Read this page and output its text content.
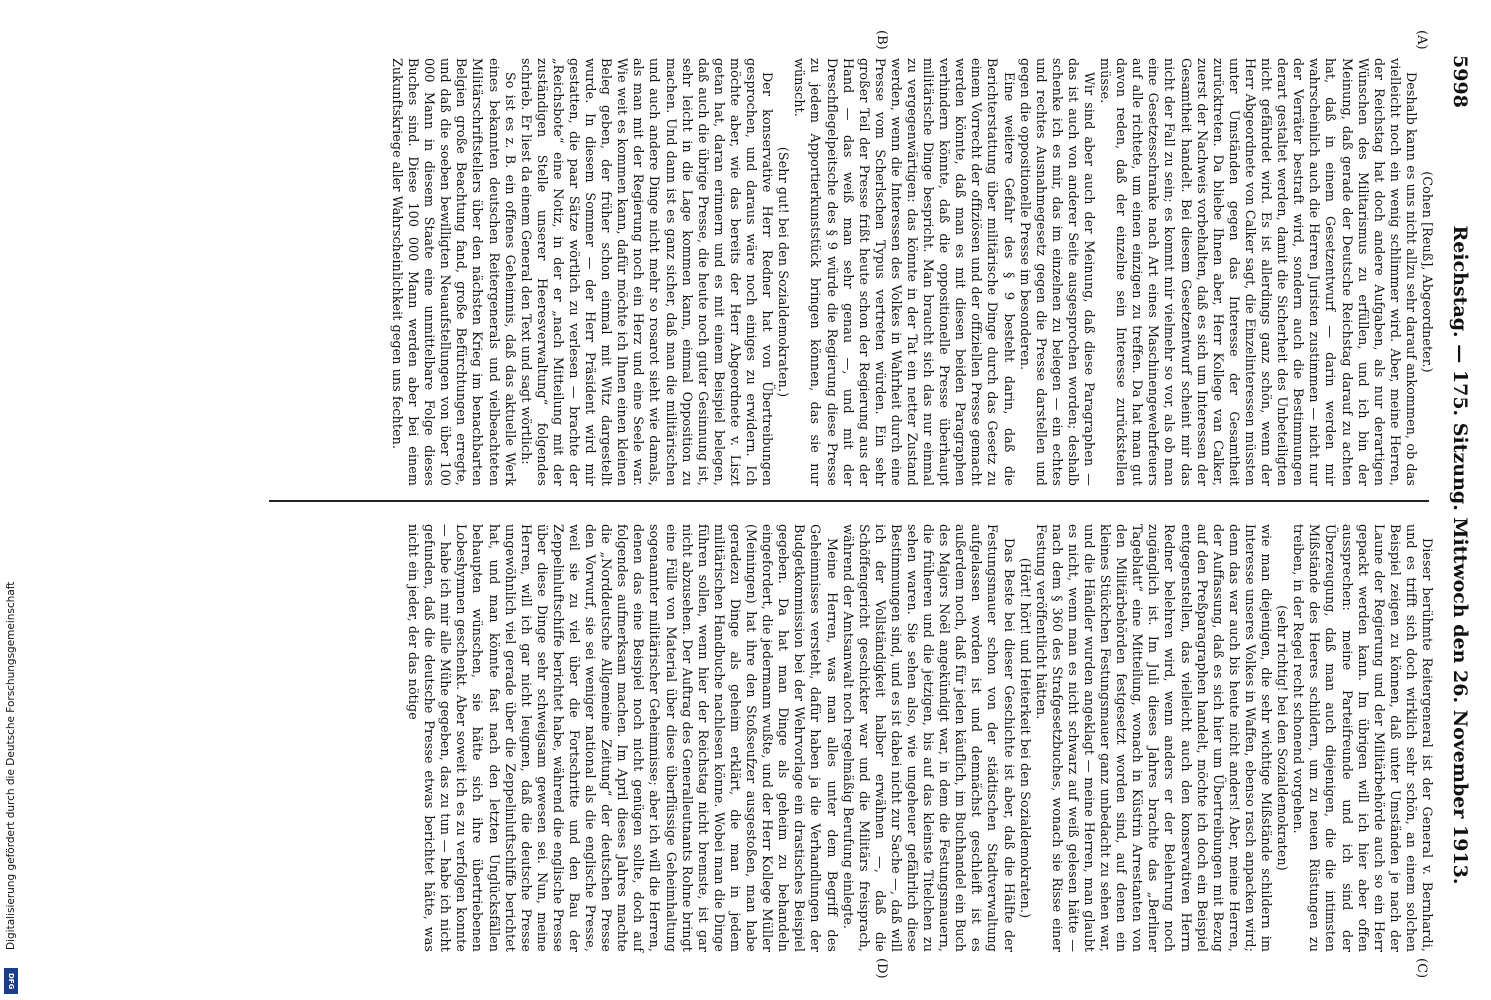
Digitalisierung gefördert durch die Deutsche Forschungsgemeinschaft
DFG
5998
Reichstag. — 175. Sitzung. Mittwoch den 26. November 1913.
(A)
(B)
(C)
(D)

(Cohen [Reuß], Abgeordneter.)

Deshalb kann es uns nicht allzu sehr darauf ankommen, ob das vielleicht noch ein wenig schlimmer wird. Aber, meine Herren, der Reichstag hat doch andere Aufgaben, als nur derartigen Wünschen des Militarismus zu erfüllen, und ich bin der Meinung, daß gerade der Deutsche Reichstag darauf zu achten hat, daß in einem Gesetzentwurf — darin werden mir wahrscheinlich auch die Herren Juristen zustimmen — nicht nur der Verräter bestraft wird, sondern auch die Bestimmungen derart gestaltet werden, damit die Sicherheit des Unbeteiligten nicht gefährdet wird. Es ist allerdings ganz schön, wenn der Herr Abgeordnete von Calker sagt, die Einzelinteressen müssten unter Umständen gegen das Interesse der Gesamtheit zurücktreten. Da bliebe Ihnen aber, Herr Kollege van Calker, zuerst der Nachweis vorbehalten, daß es sich um Interessen der Gesamtheit handelt. Bei diesem Gesetzentwurf scheint mir das nicht der Fall zu sein; es kommt mir vielmehr so vor, als ob man eine Gesetzesschranke nach Art eines Maschinengewehrfeuers auf alle richtete, um einen einzigen zu treffen. Da hat man gut davon reden, daß der einzelne sein Interesse zurückstellen müsse.

Wir sind aber auch der Meinung, daß diese Paragraphen — das ist auch von anderer Seite ausgesprochen worden; deshalb schenke ich es mir, das im einzelnen zu belegen — ein echtes und rechtes Ausnahmegesetz gegen die Presse darstellen und gegen die oppositionelle Presse im besonderen.

Eine weitere Gefahr des § 9 besteht darin, daß die Berichterstattung über militärische Dinge durch das Gesetz zu einem Vorrecht der offiziösen und der offiziellen Presse gemacht werden könnte, daß man es mit diesen beiden Paragraphen verhindern könnte, daß die oppositionelle Presse überhaupt militärische Dinge bespricht. Man braucht sich das nur einmal zu vergegenwärtigen: das könnte in der Tat ein netter Zustand werden, wenn die Interessen des Volkes in Wahrheit durch eine Presse vom Scherlschen Typus vertreten würden. Ein sehr großer Teil der Presse frißt heute schon der Regierung aus der Hand — das weiß man sehr genau —, und mit der Dreschflegelpeitsche des § 9 würde die Regierung diese Presse zu jedem Apportierkunststück bringen können, das sie nur wünscht.

(Sehr gut! bei den Sozialdemokraten.)

Der konservative Herr Redner hat von Übertreibungen gesprochen, und daraus wäre noch einiges zu erwidern. Ich möchte aber, wie das bereits der Herr Abgeordnete v. Liszt getan hat, daran erinnern und es mit einem Beispiel belegen, daß auch die übrige Presse, die heute noch guter Gesinnung ist, sehr leicht in die Lage kommen kann, einmal Opposition zu machen. Und dann ist es ganz sicher, daß man die militärischen und auch andere Dinge nicht mehr so rosarot sieht wie damals, als man mit der Regierung noch ein Herz und eine Seele war. Wie weit es kommen kann, dafür möchte ich Ihnen einen kleinen Beleg geben, der früher schon einmal mit Witz dargestellt wurde. In diesem Sommer — der Herr Präsident wird mir gestatten, die paar Sätze wörtlich zu verlesen — brachte der „Reichsbote“ eine Notiz, in der er „nach Mitteilung mit der zuständigen Stelle unserer Heeresverwaltung“ folgendes schrieb. Er liest da einem General den Text und sagt wörtlich:

So ist es z. B. ein offenes Geheimnis, daß das aktuelle Werk eines bekannten deutschen Reitergenerals und vielbeachteten Militärschriftstellers über den nächsten Krieg im benachbarten Belgien große Beachtung fand, große Befürchtungen erregte, und daß die soeben bewilligten Neuaufstellungen von über 100 000 Mann in diesem Staate eine unmittelbare Folge dieses Buches sind. Diese 100 000 Mann werden aber bei einem Zukunftskriege aller Wahrscheinlichkeit gegen uns fechten.

Dieser berühmte Reitergeneral ist der General v. Bernhardi, und es trifft sich doch wirklich sehr schön, an einem solchen Beispiel zeigen zu können, daß unter Umständen je nach der Laune der Regierung und der Militärbehörde auch so ein Herr gepackt werden kann. Im übrigen will ich hier aber offen aussprechen: meine Parteifreunde und ich sind der Überzeugung, daß man auch diejenigen, die die intimsten Mißstände des Heeres schildern, um zu neuen Rüstungen zu treiben, in der Regel recht schonend vorgehen.

(sehr richtig! bei den Sozialdemokraten)

wie man diejenigen, die sehr wichtige Mißstände schildern im Interesse unseres Volkes in Waffen, ebenso rasch anpacken wird; denn das war auch bis heute nicht anders! Aber, meine Herren, der Auffassung, daß es sich hier um Übertreibungen mit Bezug auf den Preßparagraphen handelt, möchte ich doch ein Beispiel entgegenstellen, das vielleicht auch den konservativen Herrn Redner belehren wird, wenn anders er der Belehrung noch zugänglich ist. Im Juli dieses Jahres brachte das „Berliner Tageblatt“ eine Mitteilung, wonach in Küstrin Arrestanten von den Militärbehörden festgesetzt worden sind, auf denen ein kleines Stückchen Festungsmauer ganz unbedacht zu sehen war, und die Händler wurden angeklagt — meine Herren, man glaubt es nicht, wenn man es nicht schwarz auf weiß gelesen hätte — nach dem § 360 des Strafgesetzbuches, wonach sie Risse einer Festung veröffentlicht hätten.

(Hört! hört! und Heiterkeit bei den Sozialdemokraten.)

Das Beste bei dieser Geschichte ist aber, daß die Hälfte der Festungsmauer schon von der städtischen Stadtverwaltung aufgelassen worden ist und demnächst geschleift ist es außerdem noch, daß für jeden käuflich, im Buchhandel ein Buch des Majors Noël angekündigt war, in dem die Festungsmauern, die früheren und die jetzigen, bis auf das kleinste Titelchen zu sehen waren. Sie sehen also, wie ungeheuer gefährlich diese Bestimmungen sind, und es ist dabei nicht zur Sache —, daß will ich der Vollständigkeit halber erwähnen —, daß die Schöffengericht geschickter war und die Militärs freisprach, während der Amtsanwalt noch regelmäßig Berufung einlegte.

Meine Herren, was man alles unter dem Begriff des Geheimnisses versteht, dafür haben ja die Verhandlungen der Budgetkommission bei der Wehrvorlage ein drastisches Beispiel gegeben. Da hat man Dinge als geheim zu behandeln eingefordert, die jedermann wußte, und der Herr Kollege Müller (Meiningen) hat ihre den Stoßseufzer ausgestoßen, man habe geradezu Dinge als geheim erklärt, die man in jedem militärischen Handbuche nachlesen könne. Wobei man die Dinge führen sollen, wenn hier der Reichstag nicht bremste, ist gar nicht abzusehen. Der Auftrag des Generalleutnants Rohne bringt eine Fülle von Material über diese überflüssige Geheimhaltung sogenannter militärischer Geheimnisse; aber ich will die Herren, denen das eine Beispiel noch nicht genügen sollte, doch auf folgendes aufmerksam machen. Im April dieses Jahres machte die „Norddeutsche Allgemeine Zeitung“ der deutschen Presse den Vorwurf, sie sei weniger national als die englische Presse, weil sie zu viel über die Fortschritte und den Bau der Zeppelinluftschiffe berichtet habe, während die englische Presse über diese Dinge sehr schweigsam gewesen sei. Nun, meine Herren, will ich gar nicht leugnen, daß die deutsche Presse ungewöhnlich viel gerade über die Zeppelinluftschiffe berichtet hat, und man könnte fast nach den letzten Unglücksfällen behaupten wünschen, sie hätte sich ihre übertriebenen Lobeshymnen geschenkt. Aber soweit ich es zu verfolgen konnte — habe ich mir alle Mühe gegeben, das zu tun — habe ich nicht gefunden, daß die deutsche Presse etwas berichtet hätte, was nicht ein jeder, der das nötige
